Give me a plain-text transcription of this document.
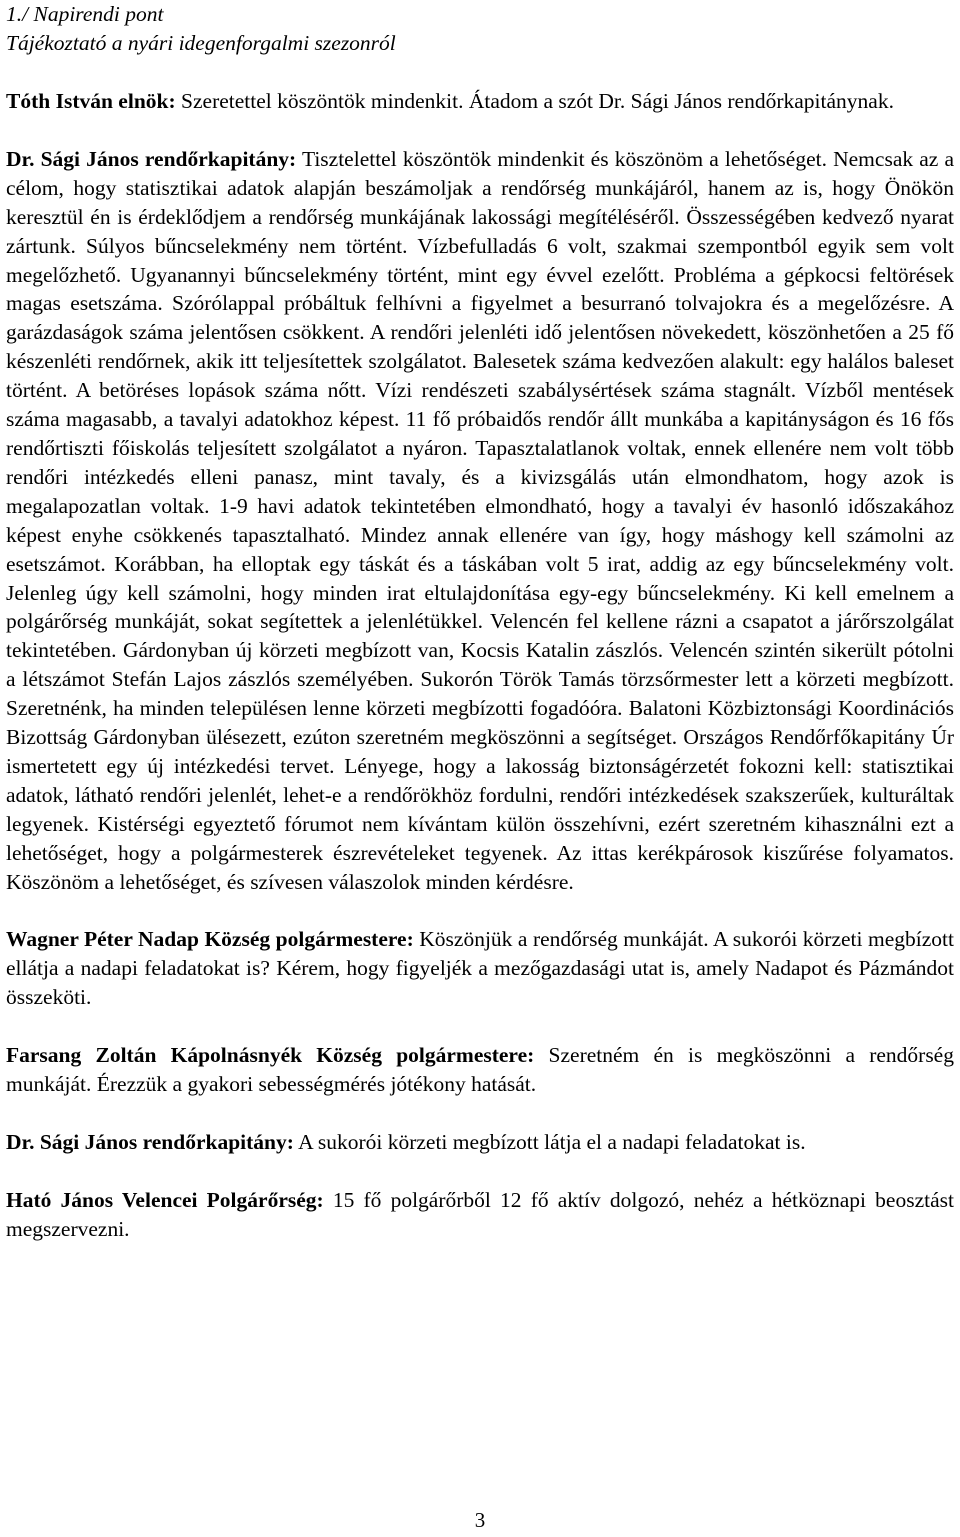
1./ Napirendi pont

Tájékoztató a nyári idegenforgalmi szezonról

Tóth István elnök: Szeretettel köszöntök mindenkit. Átadom a szót Dr. Sági János rendőrkapitánynak.

Dr. Sági János rendőrkapitány: Tisztelettel köszöntök mindenkit és köszönöm a lehetőséget. Nemcsak az a célom, hogy statisztikai adatok alapján beszámoljak a rendőrség munkájáról, hanem az is, hogy Önökön keresztül én is érdeklődjem a rendőrség munkájának lakossági megítéléséről. Összességében kedvező nyarat zártunk. Súlyos bűncselekmény nem történt. Vízbefulladás 6 volt, szakmai szempontból egyik sem volt megelőzhető. Ugyanannyi bűncselekmény történt, mint egy évvel ezelőtt. Probléma a gépkocsi feltörések magas esetszáma. Szórólappal próbáltuk felhívni a figyelmet a besurranó tolvajokra és a megelőzésre. A garázdaságok száma jelentősen csökkent. A rendőri jelenléti idő jelentősen növekedett, köszönhetően a 25 fő készenléti rendőrnek, akik itt teljesítettek szolgálatot. Balesetek száma kedvezően alakult: egy halálos baleset történt. A betöréses lopások száma nőtt. Vízi rendészeti szabálysértések száma stagnált. Vízből mentések száma magasabb, a tavalyi adatokhoz képest. 11 fő próbaidős rendőr állt munkába a kapitányságon és 16 fős rendőrtiszti főiskolás teljesített szolgálatot a nyáron. Tapasztalatlanok voltak, ennek ellenére nem volt több rendőri intézkedés elleni panasz, mint tavaly, és a kivizsgálás után elmondhatom, hogy azok is megalapozatlan voltak. 1-9 havi adatok tekintetében elmondható, hogy a tavalyi év hasonló időszakához képest enyhe csökkenés tapasztalható. Mindez annak ellenére van így, hogy máshogy kell számolni az esetszámot. Korábban, ha elloptak egy táskát és a táskában volt 5 irat, addig az egy bűncselekmény volt. Jelenleg úgy kell számolni, hogy minden irat eltulajdonítása egy-egy bűncselekmény. Ki kell emelnem a polgárőrség munkáját, sokat segítettek a jelenlétükkel. Velencén fel kellene rázni a csapatot a járőrszolgálat tekintetében. Gárdonyban új körzeti megbízott van, Kocsis Katalin zászlós. Velencén szintén sikerült pótolni a létszámot Stefán Lajos zászlós személyében. Sukorón Török Tamás törzsőrmester lett a körzeti megbízott. Szeretnénk, ha minden településen lenne körzeti megbízotti fogadóóra. Balatoni Közbiztonsági Koordinációs Bizottság Gárdonyban ülésezett, ezúton szeretném megköszönni a segítséget. Országos Rendőrfőkapitány Úr ismertetett egy új intézkedési tervet. Lényege, hogy a lakosság biztonságérzetét fokozni kell: statisztikai adatok, látható rendőri jelenlét, lehet-e a rendőrökhöz fordulni, rendőri intézkedések szakszerűek, kulturáltak legyenek. Kistérségi egyeztető fórumot nem kívántam külön összehívni, ezért szeretném kihasználni ezt a lehetőséget, hogy a polgármesterek észrevételeket tegyenek. Az ittas kerékpárosok kiszűrése folyamatos. Köszönöm a lehetőséget, és szívesen válaszolok minden kérdésre.

Wagner Péter Nadap Község polgármestere: Köszönjük a rendőrség munkáját. A sukorói körzeti megbízott ellátja a nadapi feladatokat is? Kérem, hogy figyeljék a mezőgazdasági utat is, amely Nadapot és Pázmándot összeköti.

Farsang Zoltán Kápolnásnyék Község polgármestere: Szeretném én is megköszönni a rendőrség munkáját. Érezzük a gyakori sebességmérés jótékony hatását.

Dr. Sági János rendőrkapitány: A sukorói körzeti megbízott látja el a nadapi feladatokat is.

Ható János Velencei Polgárőrség: 15 fő polgárőrből 12 fő aktív dolgozó, nehéz a hétköznapi beosztást megszervezni.

3
